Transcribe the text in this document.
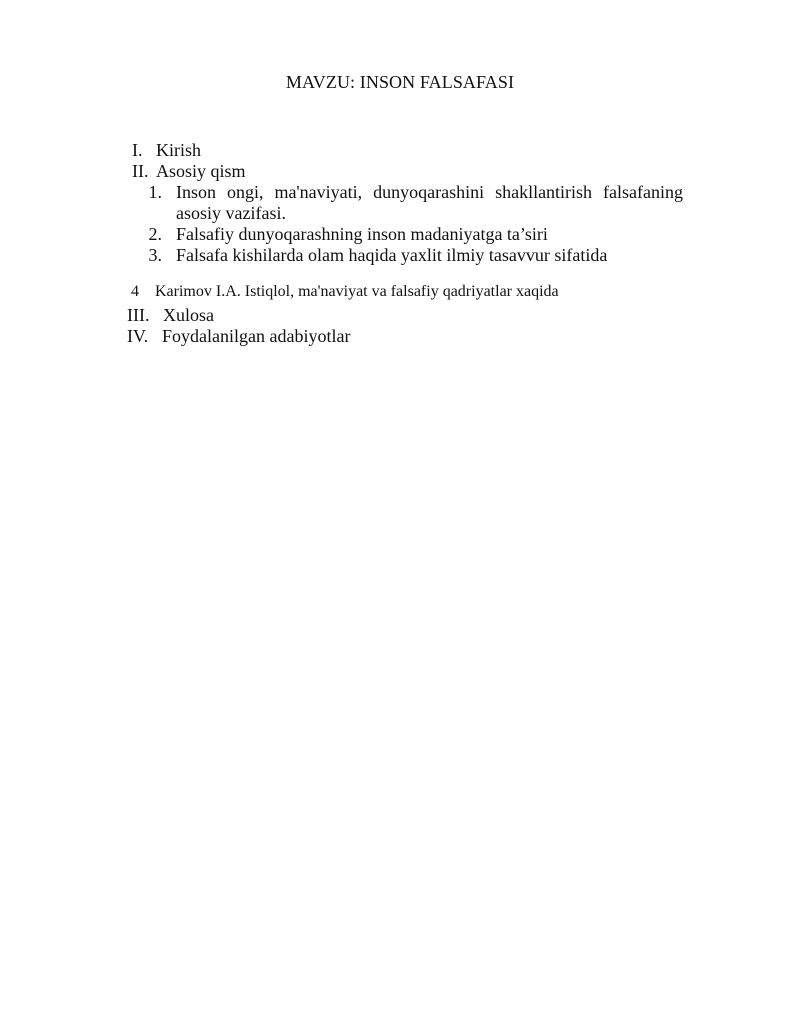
MAVZU: INSON FALSAFASI
I. Kirish
II. Asosiy qism
1. Inson ongi, ma'naviyati, dunyoqarashini shakllantirish falsafaning asosiy vazifasi.
2. Falsafiy dunyoqarashning inson madaniyatga ta’siri
3. Falsafa kishilarda olam haqida yaxlit ilmiy tasavvur sifatida
4 Karimov I.A. Istiqlol, ma'naviyat va falsafiy qadriyatlar xaqida
III. Xulosa
IV. Foydalanilgan adabiyotlar
